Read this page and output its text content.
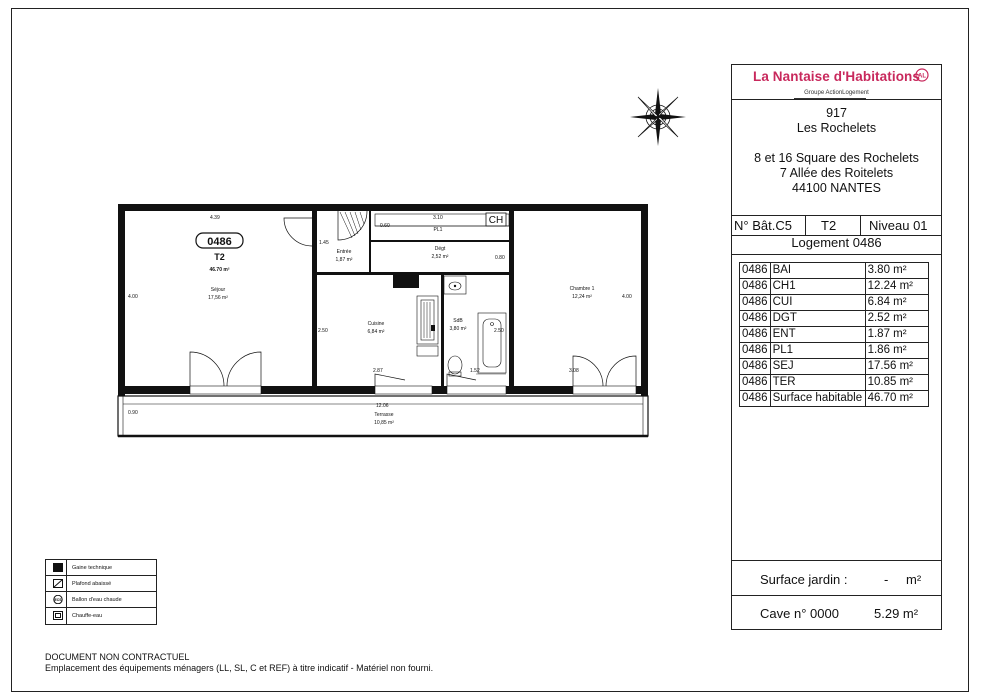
4.39	3.10
0.60
1.45
0.80
4.00	4.00
2.50	2.50
2.87	1.52	3.08
12.06
0.90
Séjour
17,56 m²
Entrée
1,87 m²
PL1
Dégt
2,52 m²
Cuisine
6,84 m²
SdB
3,80 m²
Chambre 1
12,24 m²
Terrasse
10,85 m²
CH
0486
T2
46.70 m²
La Nantaise d'Habitations
AL
Groupe ActionLogement
917
Les Rochelets
8 et 16 Square des Rochelets
7 Allée des Roitelets
44100 NANTES
N° Bât.C5 T2	Niveau 01
Logement 0486
0486	BAI	3.80 m²
0486	CH1	12.24 m²
0486	CUI	6.84 m²
0486	DGT	2.52 m²
0486	ENT	1.87 m²
0486	PL1	1.86 m²
0486	SEJ	17.56 m²
0486	TER	10.85 m²
0486	Surface habitable	46.70 m²
Surface jardin :	- m²
Cave n° 0000	5.29 m²
Gaine technique
Plafond abaissé
ECS Ballon d'eau chaude
Chauffe-eau
DOCUMENT NON CONTRACTUEL
Emplacement des équipements ménagers (LL, SL, C et REF) à titre indicatif - Matériel non fourni.
